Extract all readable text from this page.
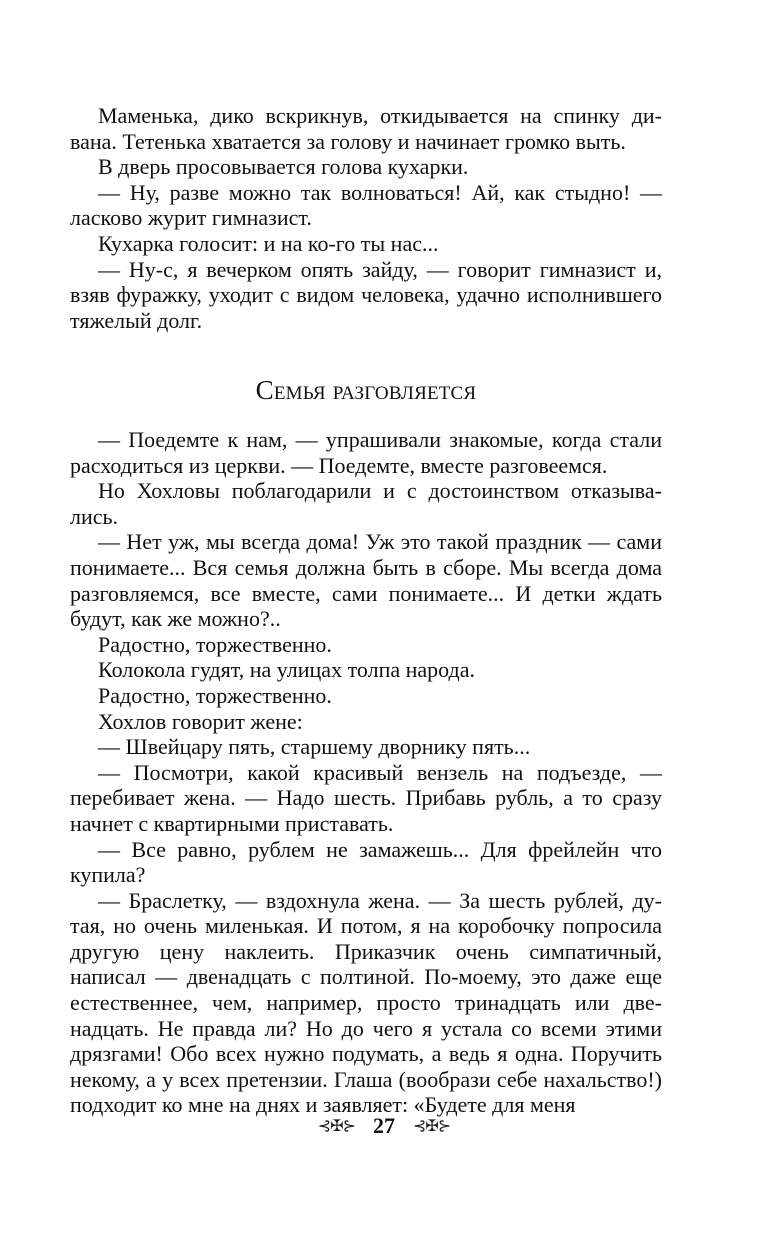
Маменька, дико вскрикнув, откидывается на спинку дивана. Тетенька хватается за голову и начинает громко выть.

В дверь просовывается голова кухарки.

— Ну, разве можно так волноваться! Ай, как стыдно! — ласково журит гимназист.

Кухарка голосит: и на ко-го ты нас...

— Ну-с, я вечерком опять зайду, — говорит гимназист и, взяв фуражку, уходит с видом человека, удачно исполнившего тяжелый долг.

Семья разговляется

— Поедемте к нам, — упрашивали знакомые, когда стали расходиться из церкви. — Поедемте, вместе разговеемся.

Но Хохловы поблагодарили и с достоинством отказывались.

— Нет уж, мы всегда дома! Уж это такой праздник — сами понимаете... Вся семья должна быть в сборе. Мы всегда дома разговляемся, все вместе, сами понимаете... И детки ждать будут, как же можно?..

Радостно, торжественно.

Колокола гудят, на улицах толпа народа.

Радостно, торжественно.

Хохлов говорит жене:

— Швейцару пять, старшему дворнику пять...

— Посмотри, какой красивый вензель на подъезде, — перебивает жена. — Надо шесть. Прибавь рубль, а то сразу начнет с квартирными приставать.

— Все равно, рублем не замажешь... Для фрейлейн что купила?

— Браслетку, — вздохнула жена. — За шесть рублей, дутая, но очень миленькая. И потом, я на коробочку попросила другую цену наклеить. Приказчик очень симпатичный, написал — двенадцать с полтиной. По-моему, это даже еще естественнее, чем, например, просто тринадцать или двенадцать. Не правда ли? Но до чего я устала со всеми этими дрязгами! Обо всех нужно подумать, а ведь я одна. Поручить некому, а у всех претензии. Глаша (вообрази себе нахальство!) подходит ко мне на днях и заявляет: «Будете для меня

⊰✠⊱ 27 ⊰✠⊱
